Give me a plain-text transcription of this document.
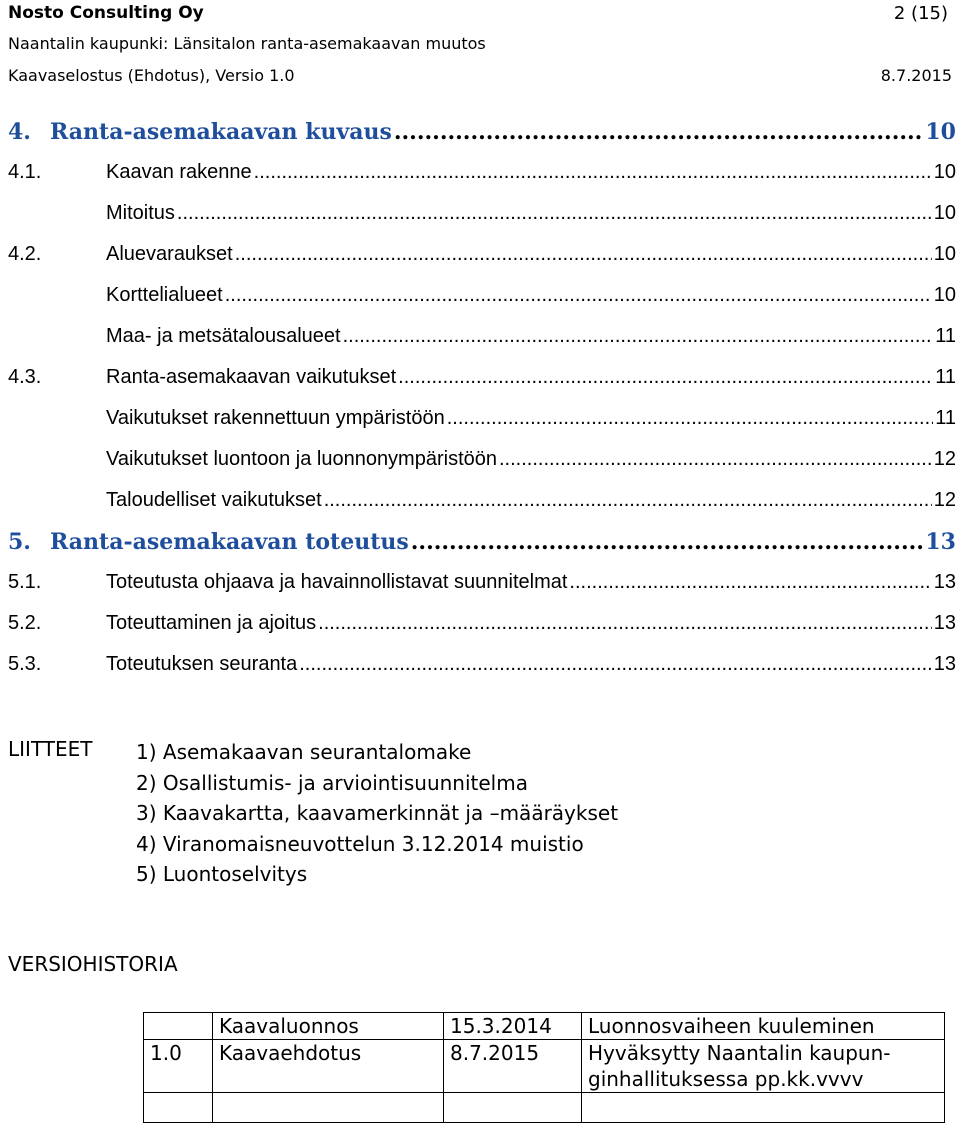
Nosto Consulting Oy	2 (15)
Naantalin kaupunki: Länsitalon ranta-asemakaavan muutos
Kaavaselostus (Ehdotus), Versio 1.0	8.7.2015
4. Ranta-asemakaavan kuvaus .....	10
4.1.	Kaavan rakenne .....	10
Mitoitus .....	10
4.2.	Aluevaraukset .....	10
Korttelialueet .....	10
Maa- ja metsätalousalueet .....	11
4.3.	Ranta-asemakaavan vaikutukset .....	11
Vaikutukset rakennettuun ympäristöön .....	11
Vaikutukset luontoon ja luonnonympäristöön .....	12
Taloudelliset vaikutukset .....	12
5. Ranta-asemakaavan toteutus .....	13
5.1.	Toteutusta ohjaava ja havainnollistavat suunnitelmat .....	13
5.2.	Toteuttaminen ja ajoitus .....	13
5.3.	Toteutuksen seuranta .....	13
LIITTEET 1) Asemakaavan seurantalomake
2) Osallistumis- ja arviointisuunnitelma
3) Kaavakartta, kaavamerkinnät ja –määräykset
4) Viranomaisneuvottelun 3.12.2014 muistio
5) Luontoselvitys
VERSIOHISTORIA
	Kaavaluonnos	15.3.2014	Luonnosvaiheen kuuleminen
1.0	Kaavaehdotus	8.7.2015	Hyväksytty Naantalin kaupun-
ginhallituksessa pp.kk.vvvv
